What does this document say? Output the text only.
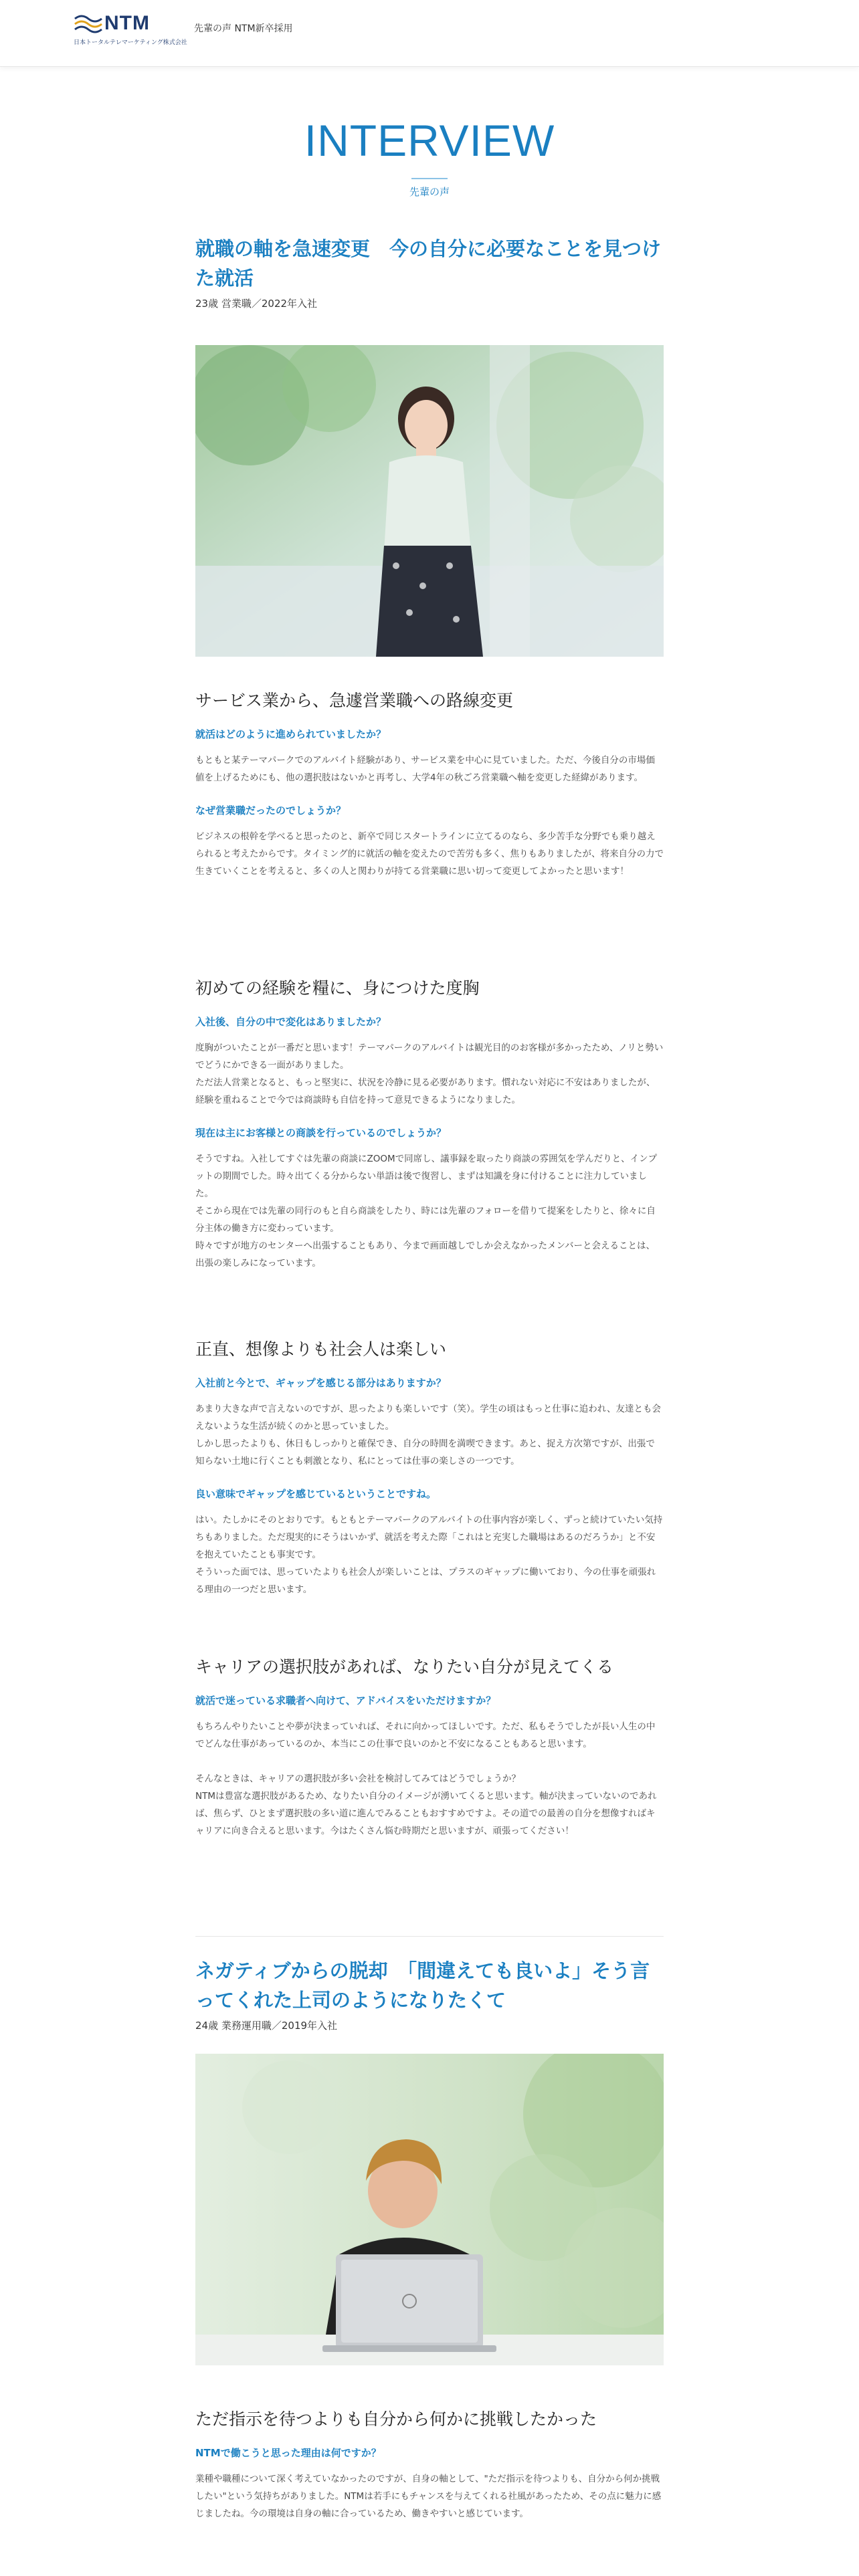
NTM
日本トータルテレマーケティング株式会社
先輩の声 NTM新卒採用
INTERVIEW
先輩の声
就職の軸を急速変更　今の自分に必要なことを見つけた就活
23歳 営業職／2022年入社
サービス業から、急遽営業職への路線変更
就活はどのように進められていましたか？

もともと某テーマパークでのアルバイト経験があり、サービス業を中心に見ていました。ただ、今後自分の市場価値を上げるためにも、他の選択肢はないかと再考し、大学4年の秋ごろ営業職へ軸を変更した経緯があります。

なぜ営業職だったのでしょうか？

ビジネスの根幹を学べると思ったのと、新卒で同じスタートラインに立てるのなら、多少苦手な分野でも乗り越えられると考えたからです。タイミング的に就活の軸を変えたので苦労も多く、焦りもありましたが、将来自分の力で生きていくことを考えると、多くの人と関わりが持てる営業職に思い切って変更してよかったと思います！

初めての経験を糧に、身につけた度胸
入社後、自分の中で変化はありましたか？

度胸がついたことが一番だと思います！テーマパークのアルバイトは観光目的のお客様が多かったため、ノリと勢いでどうにかできる一面がありました。

ただ法人営業となると、もっと堅実に、状況を冷静に見る必要があります。慣れない対応に不安はありましたが、経験を重ねることで今では商談時も自信を持って意見できるようになりました。

現在は主にお客様との商談を行っているのでしょうか？

そうですね。入社してすぐは先輩の商談にZOOMで同席し、議事録を取ったり商談の雰囲気を学んだりと、インプットの期間でした。時々出てくる分からない単語は後で復習し、まずは知識を身に付けることに注力していました。

そこから現在では先輩の同行のもと自ら商談をしたり、時には先輩のフォローを借りて提案をしたりと、徐々に自分主体の働き方に変わっています。

時々ですが地方のセンターへ出張することもあり、今まで画面越しでしか会えなかったメンバーと会えることは、出張の楽しみになっています。

正直、想像よりも社会人は楽しい
入社前と今とで、ギャップを感じる部分はありますか？

あまり大きな声で言えないのですが、思ったよりも楽しいです（笑）。学生の頃はもっと仕事に追われ、友達とも会えないような生活が続くのかと思っていました。

しかし思ったよりも、休日もしっかりと確保でき、自分の時間を満喫できます。あと、捉え方次第ですが、出張で知らない土地に行くことも刺激となり、私にとっては仕事の楽しさの一つです。

良い意味でギャップを感じているということですね。

はい。たしかにそのとおりです。もともとテーマパークのアルバイトの仕事内容が楽しく、ずっと続けていたい気持ちもありました。ただ現実的にそうはいかず、就活を考えた際「これはと充実した職場はあるのだろうか」と不安を抱えていたことも事実です。

そういった面では、思っていたよりも社会人が楽しいことは、プラスのギャップに働いており、今の仕事を頑張れる理由の一つだと思います。

キャリアの選択肢があれば、なりたい自分が見えてくる
就活で迷っている求職者へ向けて、アドバイスをいただけますか？

もちろんやりたいことや夢が決まっていれば、それに向かってほしいです。ただ、私もそうでしたが長い人生の中でどんな仕事があっているのか、本当にこの仕事で良いのかと不安になることもあると思います。

そんなときは、キャリアの選択肢が多い会社を検討してみてはどうでしょうか？

NTMは豊富な選択肢があるため、なりたい自分のイメージが湧いてくると思います。軸が決まっていないのであれば、焦らず、ひとまず選択肢の多い道に進んでみることもおすすめですよ。その道での最善の自分を想像すればキャリアに向き合えると思います。今はたくさん悩む時期だと思いますが、頑張ってください！

ネガティブからの脱却　「間違えても良いよ」そう言ってくれた上司のようになりたくて
24歳 業務運用職／2019年入社
ただ指示を待つよりも自分から何かに挑戦したかった
NTMで働こうと思った理由は何ですか？

業種や職種について深く考えていなかったのですが、自身の軸として、"ただ指示を待つよりも、自分から何か挑戦したい"という気持ちがありました。NTMは若手にもチャンスを与えてくれる社風があったため、その点に魅力に感じましたね。今の環境は自身の軸に合っているため、働きやすいと感じています。
